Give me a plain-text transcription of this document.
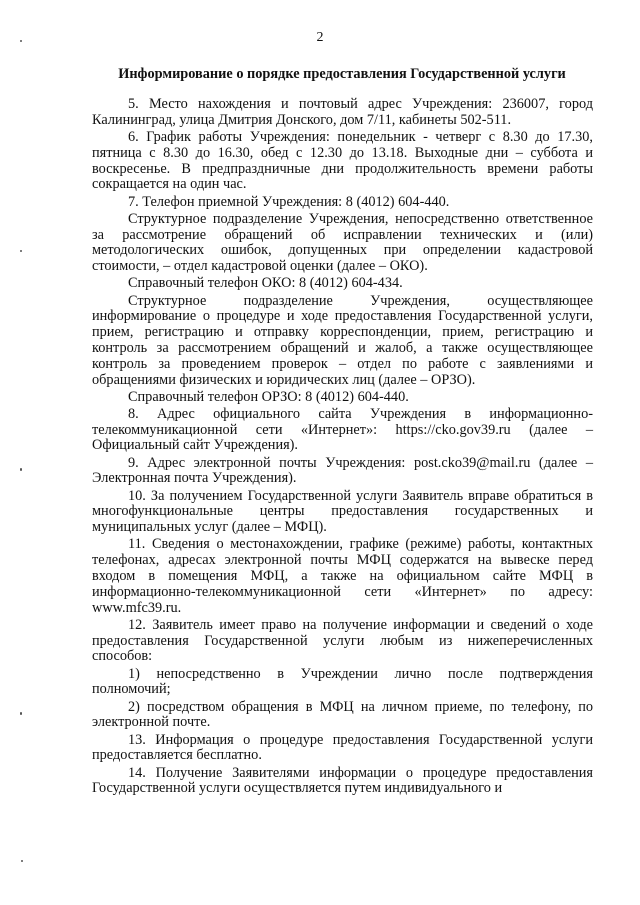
2
Информирование о порядке предоставления Государственной услуги

5. Место нахождения и почтовый адрес Учреждения: 236007, город Калининград, улица Дмитрия Донского, дом 7/11, кабинеты 502-511.

6. График работы Учреждения: понедельник - четверг с 8.30 до 17.30, пятница с 8.30 до 16.30, обед с 12.30 до 13.18. Выходные дни – суббота и воскресенье. В предпраздничные дни продолжительность времени работы сокращается на один час.

7. Телефон приемной Учреждения: 8 (4012) 604-440.

Структурное подразделение Учреждения, непосредственно ответственное за рассмотрение обращений об исправлении технических и (или) методологических ошибок, допущенных при определении кадастровой стоимости, – отдел кадастровой оценки (далее – ОКО).

Справочный телефон ОКО: 8 (4012) 604-434.

Структурное подразделение Учреждения, осуществляющее информирование о процедуре и ходе предоставления Государственной услуги, прием, регистрацию и отправку корреспонденции, прием, регистрацию и контроль за рассмотрением обращений и жалоб, а также осуществляющее контроль за проведением проверок – отдел по работе с заявлениями и обращениями физических и юридических лиц (далее – ОРЗО).

Справочный телефон ОРЗО: 8 (4012) 604-440.

8. Адрес официального сайта Учреждения в информационно-телекоммуникационной сети «Интернет»: https://cko.gov39.ru (далее – Официальный сайт Учреждения).

9. Адрес электронной почты Учреждения: post.cko39@mail.ru (далее – Электронная почта Учреждения).

10. За получением Государственной услуги Заявитель вправе обратиться в многофункциональные центры предоставления государственных и муниципальных услуг (далее – МФЦ).

11. Сведения о местонахождении, графике (режиме) работы, контактных телефонах, адресах электронной почты МФЦ содержатся на вывеске перед входом в помещения МФЦ, а также на официальном сайте МФЦ в информационно-телекоммуникационной сети «Интернет» по адресу: www.mfc39.ru.

12. Заявитель имеет право на получение информации и сведений о ходе предоставления Государственной услуги любым из нижеперечисленных способов:

1) непосредственно в Учреждении лично после подтверждения полномочий;

2) посредством обращения в МФЦ на личном приеме, по телефону, по электронной почте.

13. Информация о процедуре предоставления Государственной услуги предоставляется бесплатно.

14. Получение Заявителями информации о процедуре предоставления Государственной услуги осуществляется путем индивидуального и
